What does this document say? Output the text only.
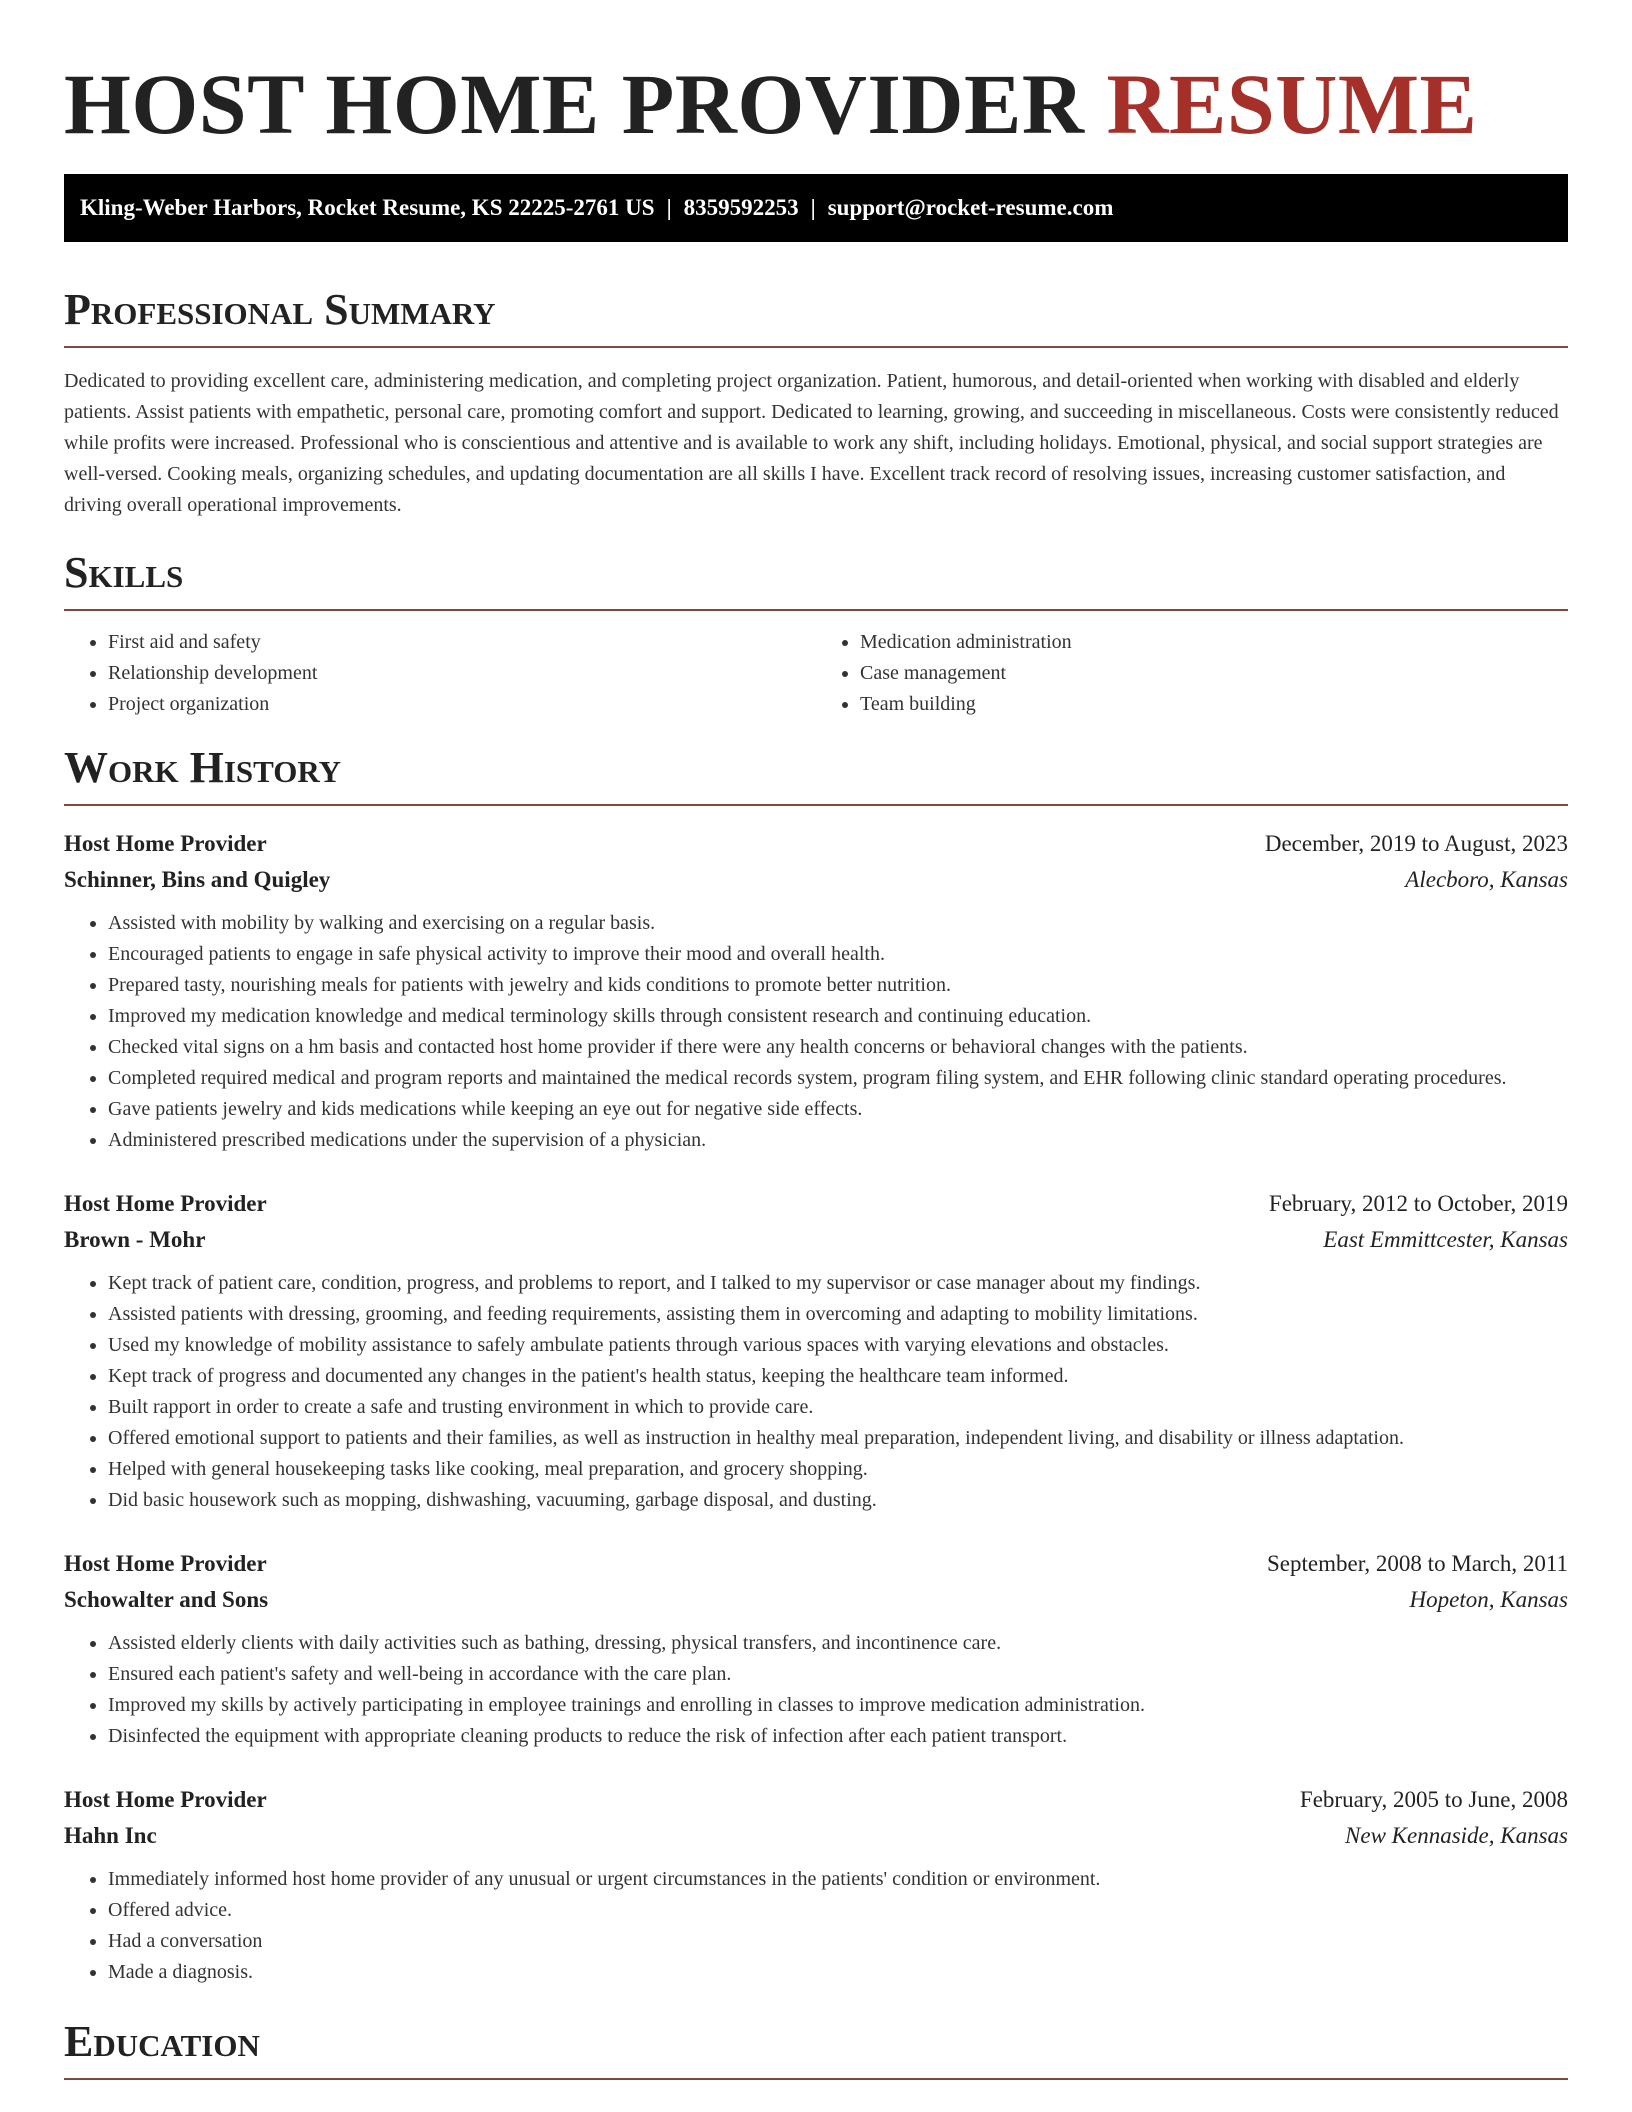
HOST HOME PROVIDER RESUME
Kling-Weber Harbors, Rocket Resume, KS 22225-2761 US | 8359592253 | support@rocket-resume.com
Professional Summary

Dedicated to providing excellent care, administering medication, and completing project organization. Patient, humorous, and detail-oriented when working with disabled and elderly patients. Assist patients with empathetic, personal care, promoting comfort and support. Dedicated to learning, growing, and succeeding in miscellaneous. Costs were consistently reduced while profits were increased. Professional who is conscientious and attentive and is available to work any shift, including holidays. Emotional, physical, and social support strategies are well-versed. Cooking meals, organizing schedules, and updating documentation are all skills I have. Excellent track record of resolving issues, increasing customer satisfaction, and driving overall operational improvements.

Skills
• First aid and safety
• Relationship development
• Project organization
• Medication administration
• Case management
• Team building
Work History
Host Home Provider	December, 2019 to August, 2023
Schinner, Bins and Quigley	Alecboro, Kansas
• Assisted with mobility by walking and exercising on a regular basis.
• Encouraged patients to engage in safe physical activity to improve their mood and overall health.
• Prepared tasty, nourishing meals for patients with jewelry and kids conditions to promote better nutrition.
• Improved my medication knowledge and medical terminology skills through consistent research and continuing education.
• Checked vital signs on a hm basis and contacted host home provider if there were any health concerns or behavioral changes with the patients.
• Completed required medical and program reports and maintained the medical records system, program filing system, and EHR following clinic standard operating procedures.
• Gave patients jewelry and kids medications while keeping an eye out for negative side effects.
• Administered prescribed medications under the supervision of a physician.
Host Home Provider	February, 2012 to October, 2019
Brown - Mohr	East Emmittcester, Kansas
• Kept track of patient care, condition, progress, and problems to report, and I talked to my supervisor or case manager about my findings.
• Assisted patients with dressing, grooming, and feeding requirements, assisting them in overcoming and adapting to mobility limitations.
• Used my knowledge of mobility assistance to safely ambulate patients through various spaces with varying elevations and obstacles.
• Kept track of progress and documented any changes in the patient's health status, keeping the healthcare team informed.
• Built rapport in order to create a safe and trusting environment in which to provide care.
• Offered emotional support to patients and their families, as well as instruction in healthy meal preparation, independent living, and disability or illness adaptation.
• Helped with general housekeeping tasks like cooking, meal preparation, and grocery shopping.
• Did basic housework such as mopping, dishwashing, vacuuming, garbage disposal, and dusting.
Host Home Provider	September, 2008 to March, 2011
Schowalter and Sons	Hopeton, Kansas
• Assisted elderly clients with daily activities such as bathing, dressing, physical transfers, and incontinence care.
• Ensured each patient's safety and well-being in accordance with the care plan.
• Improved my skills by actively participating in employee trainings and enrolling in classes to improve medication administration.
• Disinfected the equipment with appropriate cleaning products to reduce the risk of infection after each patient transport.
Host Home Provider	February, 2005 to June, 2008
Hahn Inc	New Kennaside, Kansas
• Immediately informed host home provider of any unusual or urgent circumstances in the patients' condition or environment.
• Offered advice.
• Had a conversation
• Made a diagnosis.
Education
